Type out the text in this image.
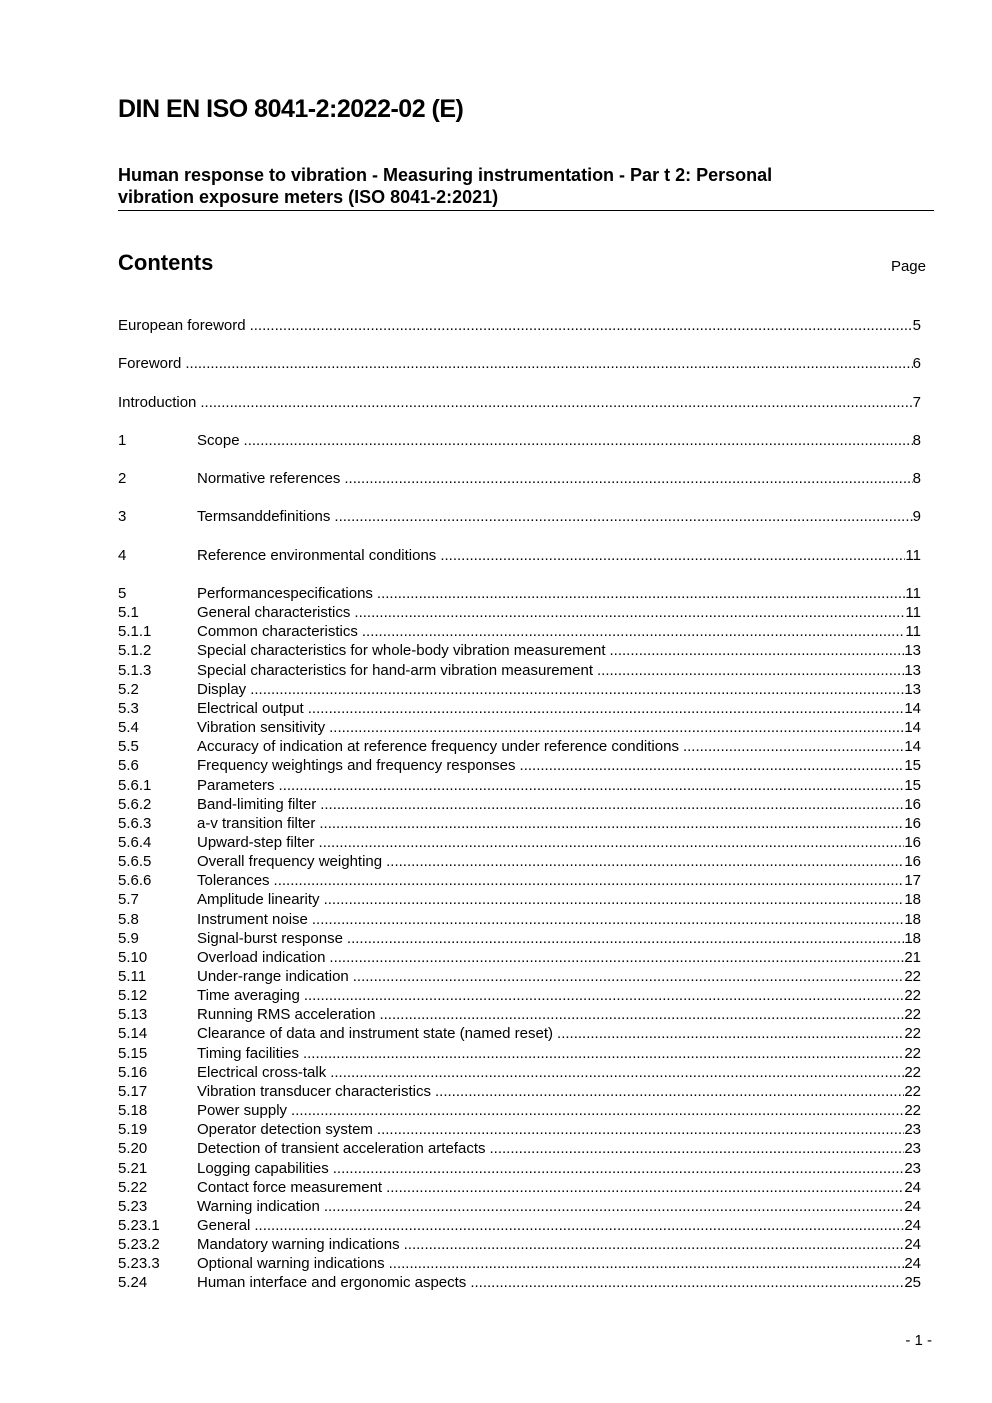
DIN EN ISO 8041-2:2022-02 (E)
Human response to vibration - Measuring instrumentation - Par t 2: Personal
vibration exposure meters (ISO 8041-2:2021)
Contents	Page
European foreword .....	5
Foreword .....	6
Introduction .....	7
1	Scope .....	8
2	Normative references .....	8
3	Termsanddefinitions .....	9
4	Reference environmental conditions .....	11
5	Performancespecifications .....	11
5.1	General characteristics .....	11
5.1.1	Common characteristics .....	11
5.1.2	Special characteristics for whole-body vibration measurement .....	13
5.1.3	Special characteristics for hand-arm vibration measurement .....	13
5.2	Display .....	13
5.3	Electrical output .....	14
5.4	Vibration sensitivity .....	14
5.5	Accuracy of indication at reference frequency under reference conditions .....	14
5.6	Frequency weightings and frequency responses .....	15
5.6.1	Parameters .....	15
5.6.2	Band-limiting filter .....	16
5.6.3	a-v transition filter .....	16
5.6.4	Upward-step filter .....	16
5.6.5	Overall frequency weighting .....	16
5.6.6	Tolerances .....	17
5.7	Amplitude linearity .....	18
5.8	Instrument noise .....	18
5.9	Signal-burst response .....	18
5.10	Overload indication .....	21
5.11	Under-range indication .....	22
5.12	Time averaging .....	22
5.13	Running RMS acceleration .....	22
5.14	Clearance of data and instrument state (named reset) .....	22
5.15	Timing facilities .....	22
5.16	Electrical cross-talk .....	22
5.17	Vibration transducer characteristics .....	22
5.18	Power supply .....	22
5.19	Operator detection system .....	23
5.20	Detection of transient acceleration artefacts .....	23
5.21	Logging capabilities .....	23
5.22	Contact force measurement .....	24
5.23	Warning indication .....	24
5.23.1	General .....	24
5.23.2	Mandatory warning indications .....	24
5.23.3	Optional warning indications .....	24
5.24	Human interface and ergonomic aspects .....	25
- 1 -
